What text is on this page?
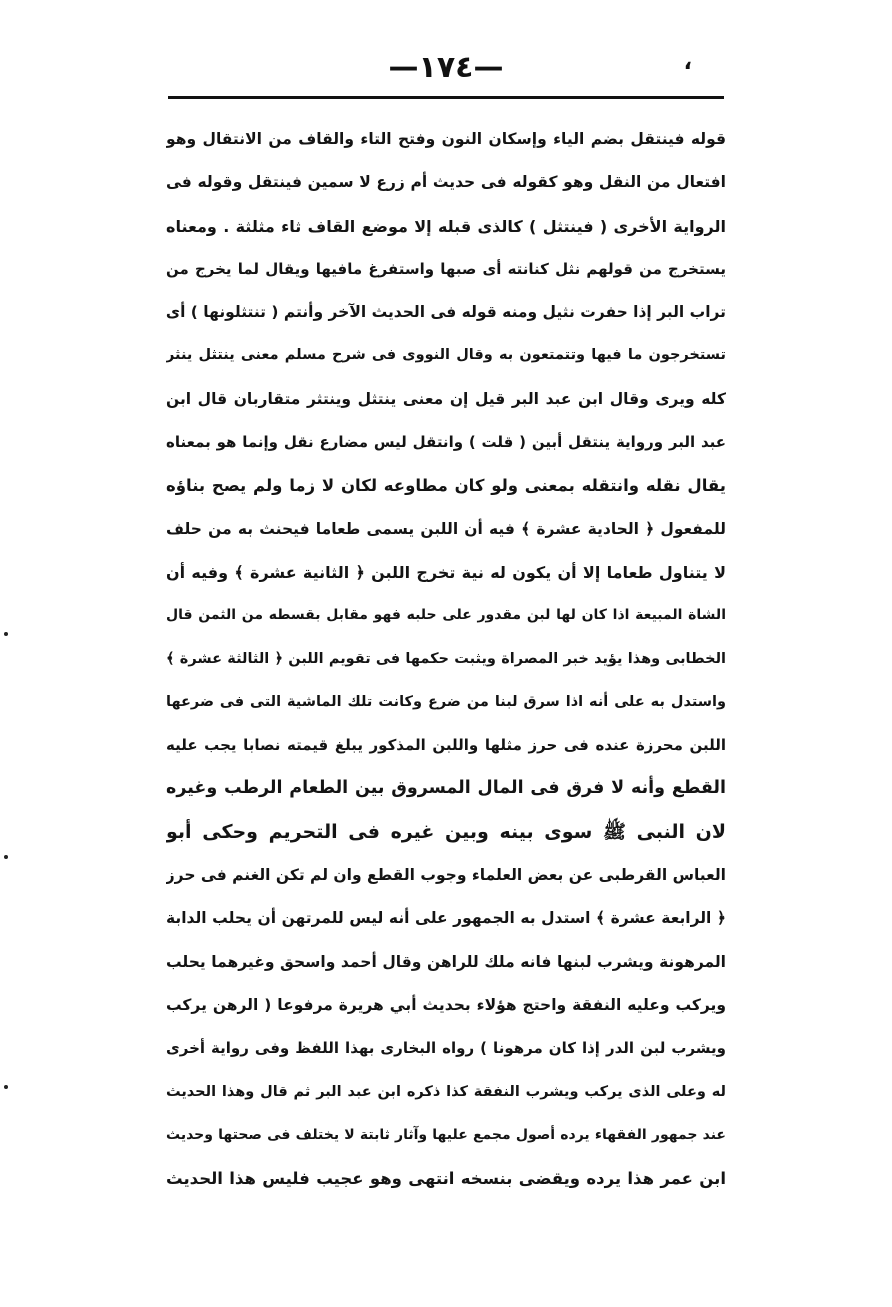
—١٧٤—	،
قوله فينتقل بضم الياء وإسكان النون وفتح التاء والقاف من الانتقال وهو
افتعال من النقل وهو كقوله فى حديث أم زرع لا سمين فينتقل وقوله فى
الرواية الأخرى ( فينتثل ) كالذى قبله إلا موضع القاف ثاء مثلثة . ومعناه
يستخرج من قولهم نثل كنانته أى صبها واستفرغ مافيها ويقال لما يخرج من
تراب البر إذا حفرت نثيل ومنه قوله فى الحديث الآخر وأنتم ( تنتثلونها ) أى
تستخرجون ما فيها وتتمتعون به وقال النووى فى شرح مسلم معنى ينتثل ينثر
كله ويرى وقال ابن عبد البر قيل إن معنى ينتثل وينتثر متقاربان قال ابن
عبد البر ورواية ينتقل أبين ( قلت ) وانتقل ليس مضارع نقل وإنما هو بمعناه
يقال نقله وانتقله بمعنى ولو كان مطاوعه لكان لا زما ولم يصح بناؤه
للمفعول ﴿ الحادية عشرة ﴾ فيه أن اللبن يسمى طعاما فيحنث به من حلف
لا يتناول طعاما إلا أن يكون له نية تخرج اللبن ﴿ الثانية عشرة ﴾ وفيه أن
الشاة المبيعة اذا كان لها لبن مقدور على حلبه فهو مقابل بقسطه من الثمن قال
الخطابى وهذا يؤيد خبر المصراة ويثبت حكمها فى تقويم اللبن ﴿ الثالثة عشرة ﴾
واستدل به على أنه اذا سرق لبنا من ضرع وكانت تلك الماشية التى فى ضرعها
اللبن محرزة عنده فى حرز مثلها واللبن المذكور يبلغ قيمته نصابا يجب عليه
القطع وأنه لا فرق فى المال المسروق بين الطعام الرطب وغيره
لان النبى ﷺ سوى بينه وبين غيره فى التحريم وحكى أبو
العباس القرطبى عن بعض العلماء وجوب القطع وان لم تكن الغنم فى حرز
﴿ الرابعة عشرة ﴾ استدل به الجمهور على أنه ليس للمرتهن أن يحلب الدابة
المرهونة ويشرب لبنها فانه ملك للراهن وقال أحمد واسحق وغيرهما يحلب
ويركب وعليه النفقة واحتج هؤلاء بحديث أبي هريرة مرفوعا ( الرهن يركب
ويشرب لبن الدر إذا كان مرهونا ) رواه البخارى بهذا اللفظ وفى رواية أخرى
له وعلى الذى يركب ويشرب النفقة كذا ذكره ابن عبد البر ثم قال وهذا الحديث
عند جمهور الفقهاء يرده أصول مجمع عليها وآثار ثابتة لا يختلف فى صحتها وحديث
ابن عمر هذا يرده ويقضى بنسخه انتهى وهو عجيب فليس هذا الحديث
